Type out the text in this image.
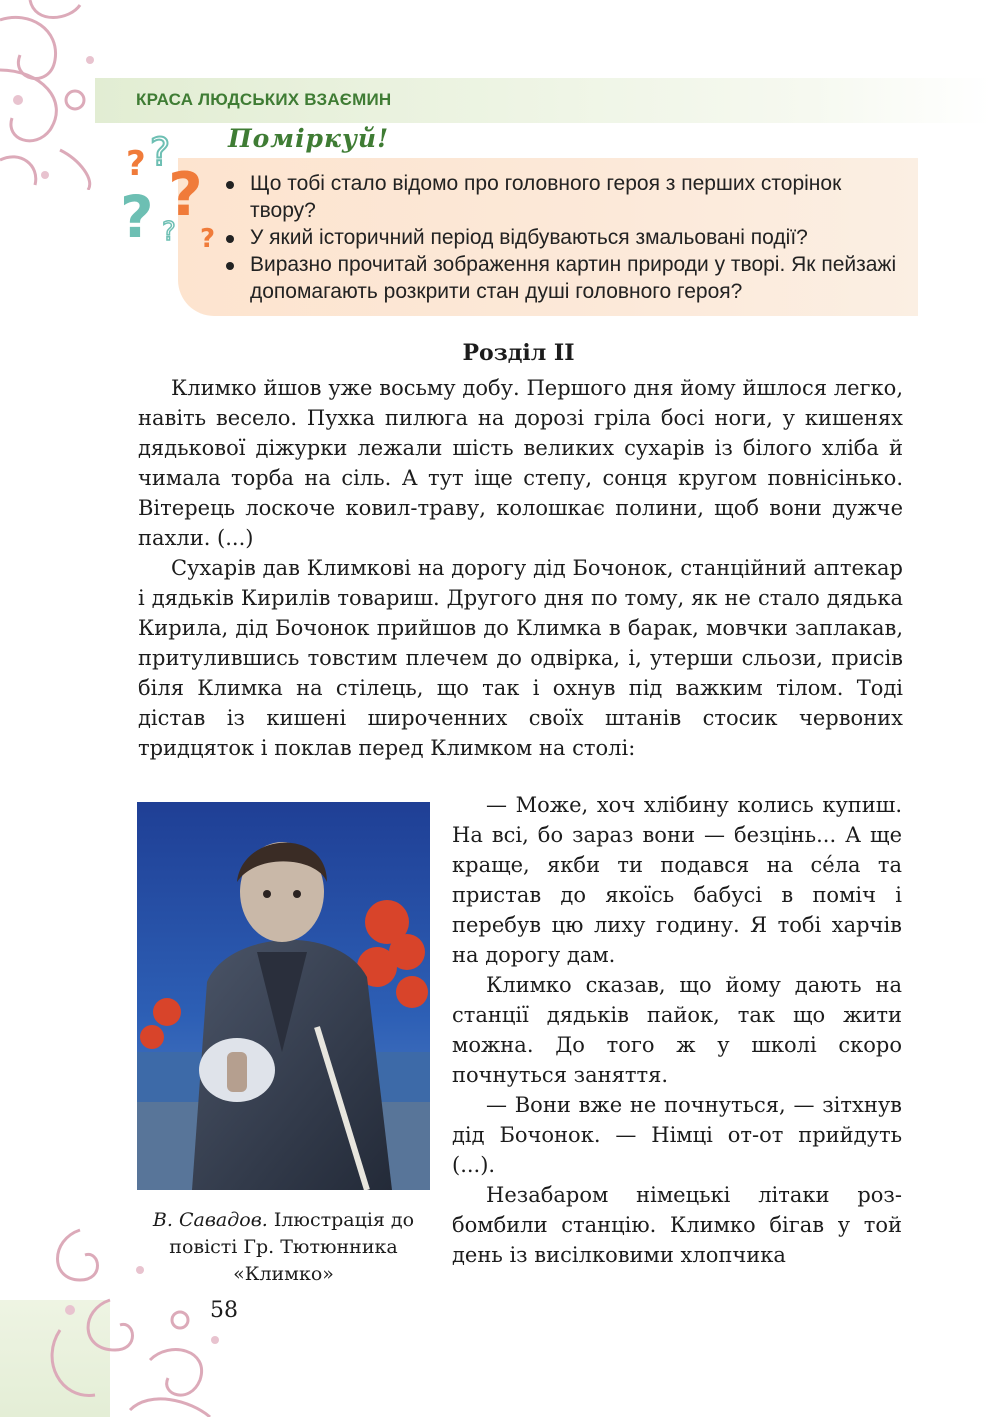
КРАСА ЛЮДСЬКИХ ВЗАЄМИН
? ?
?
? ? ?
Поміркуй!
Що тобі стало відомо про головного героя з перших сторінок твору?
У який історичний період відбуваються змальовані події?
Виразно прочитай зображення картин природи у творі. Як пейзажі допомагають розкрити стан душі головного героя?
Розділ ІІ

Климко йшов уже восьму добу. Першого дня йому йшлося легко, навіть весело. Пухка пилюга на дорозі гріла босі ноги, у кишенях дядькової діжурки лежали шість великих сухарів із білого хліба й чимала торба на сіль. А тут іще степу, сонця кругом повнісінько. Вітерець лоскоче ковил-траву, колошкає полини, щоб вони дужче пахли. (...)

Сухарів дав Климкові на дорогу дід Бочонок, станційний аптекар і дядьків Кирилів товариш. Другого дня по тому, як не стало дядька Кирила, дід Бочонок прийшов до Климка в барак, мовчки заплакав, притулившись товстим плечем до одвірка, і, утерши сльози, присів біля Климка на стілець, що так і охнув під важким тілом. Тоді дістав із кишені широченних своїх штанів стосик червоних тридцяток і поклав перед Климком на столі:

В. Савадов. Ілюстрація до повісті Гр. Тютюнника «Климко»

— Може, хоч хлібину колись купиш. На всі, бо зараз вони — безцінь... А ще краще, якби ти подався на сéла та пристав до якоїсь бабусі в поміч і перебув цю лиху годину. Я тобі харчів на дорогу дам.

Климко сказав, що йому дають на станції дядьків пайок, так що жити можна. До того ж у школі скоро почнуться заняття.

— Вони вже не почнуться, — зітхнув дід Бочонок. — Німці от-от прийдуть (...).

Незабаром німецькі літаки розбомбили станцію. Климко бігав у той день із висілковими хлопчика

58
